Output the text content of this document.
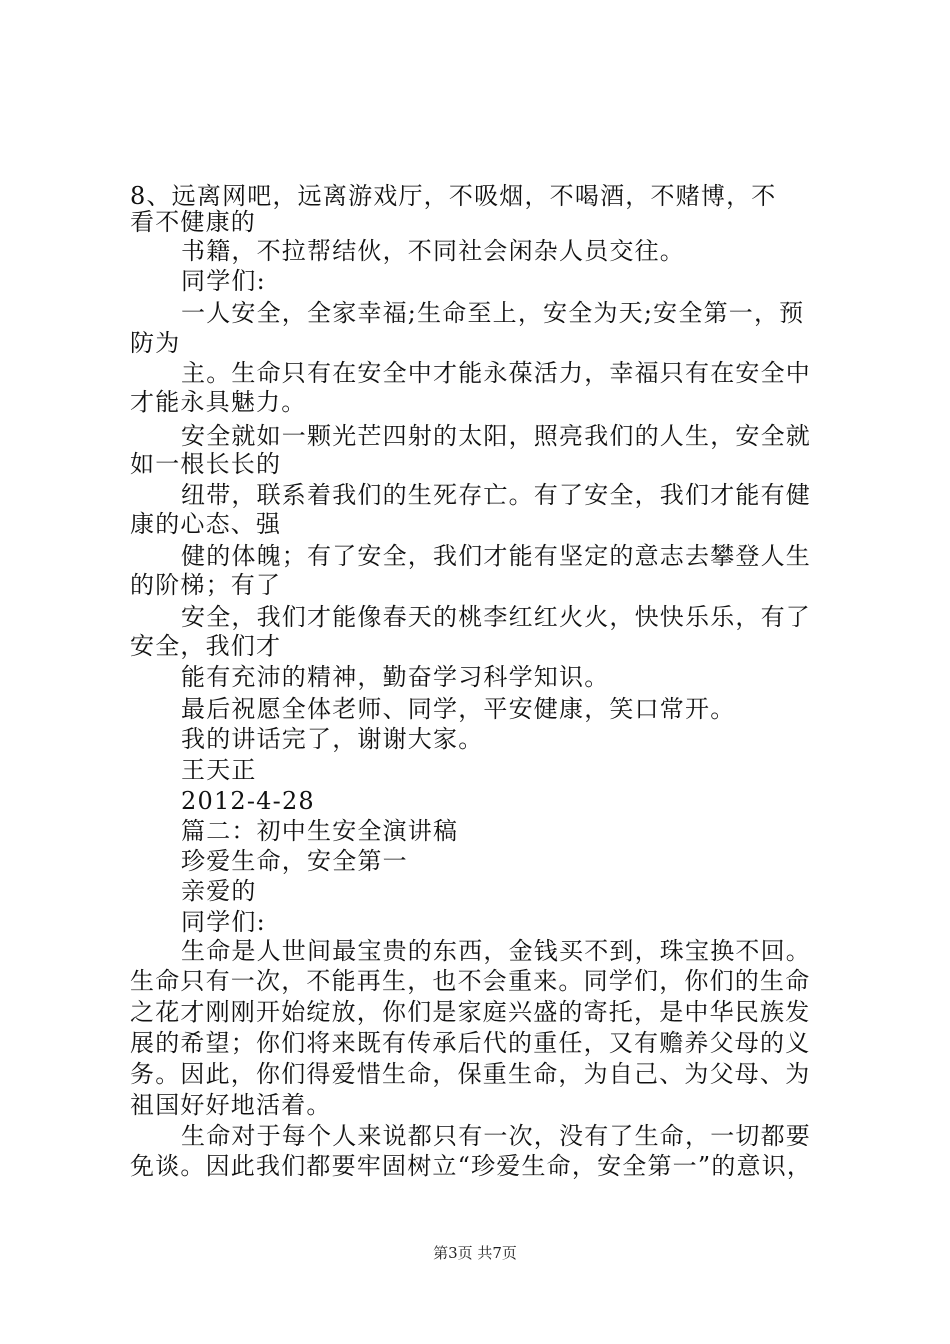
8、远离网吧，远离游戏厅，不吸烟，不喝酒，不赌博，不

看不健康的

书籍，不拉帮结伙，不同社会闲杂人员交往。

同学们:

一人安全，全家幸福;生命至上，安全为天;安全第一，预

防为

主。生命只有在安全中才能永葆活力，幸福只有在安全中

才能永具魅力。

安全就如一颗光芒四射的太阳，照亮我们的人生，安全就

如一根长长的

纽带，联系着我们的生死存亡。有了安全，我们才能有健

康的心态、强

健的体魄；有了安全，我们才能有坚定的意志去攀登人生

的阶梯；有了

安全，我们才能像春天的桃李红红火火，快快乐乐，有了

安全，我们才

能有充沛的精神，勤奋学习科学知识。

最后祝愿全体老师、同学，平安健康，笑口常开。

我的讲话完了，谢谢大家。

王天正

2012-4-28

篇二：初中生安全演讲稿

珍爱生命，安全第一

亲爱的

同学们:

生命是人世间最宝贵的东西，金钱买不到，珠宝换不回。

生命只有一次，不能再生，也不会重来。同学们，你们的生命

之花才刚刚开始绽放，你们是家庭兴盛的寄托，是中华民族发

展的希望；你们将来既有传承后代的重任，又有赡养父母的义

务。因此，你们得爱惜生命，保重生命，为自己、为父母、为

祖国好好地活着。

生命对于每个人来说都只有一次，没有了生命，一切都要

免谈。因此我们都要牢固树立“珍爱生命，安全第一”的意识，

第3页 共7页
